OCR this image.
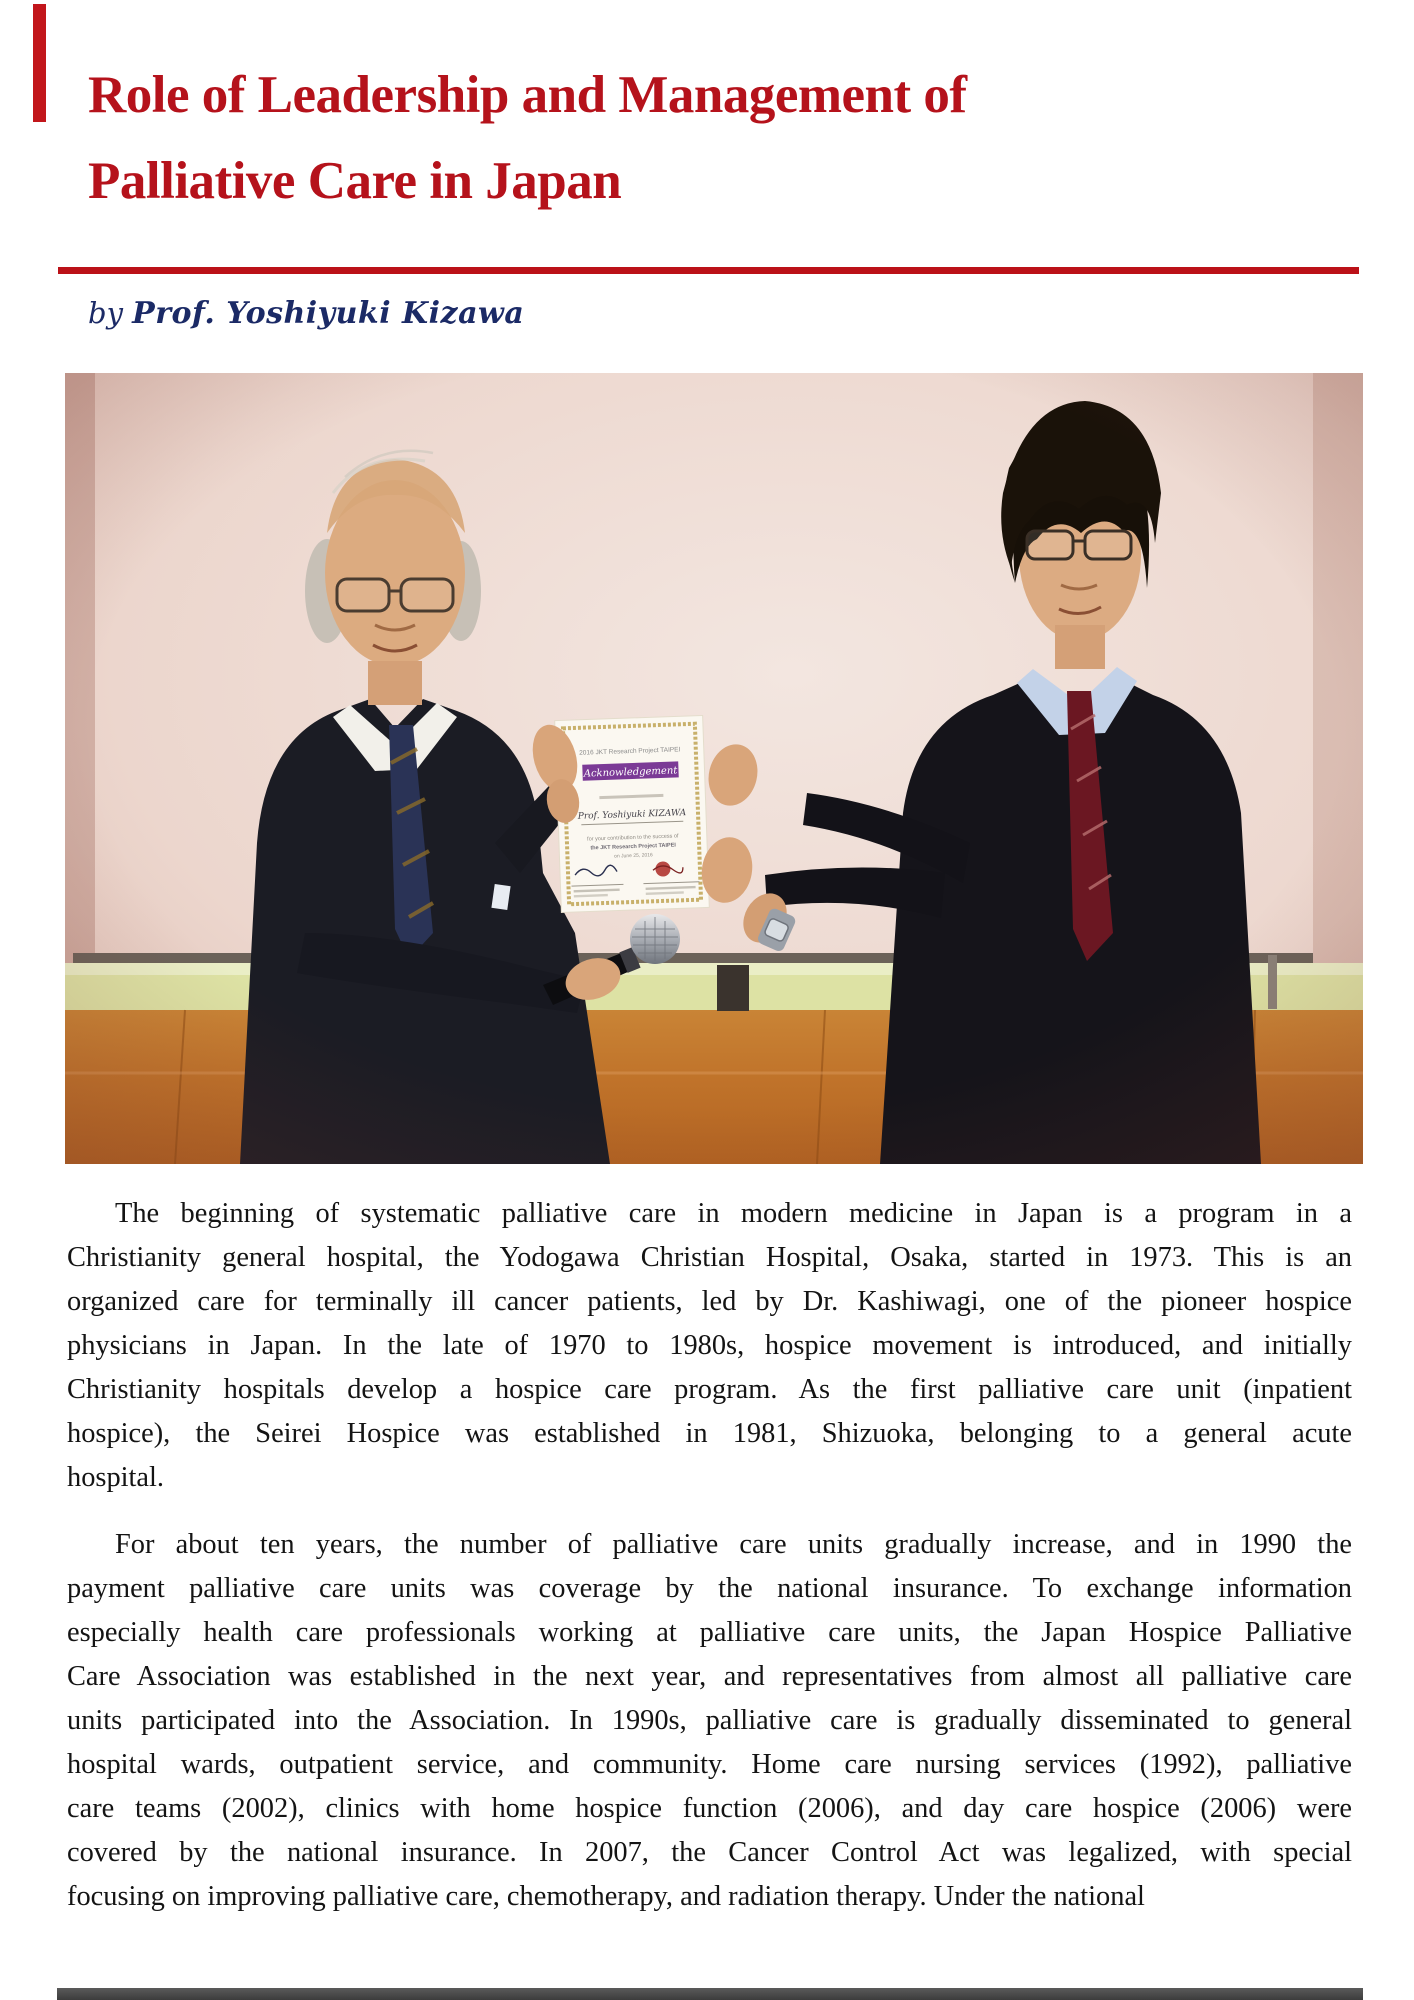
Role of Leadership and Management of
Palliative Care in Japan
by Prof. Yoshiyuki Kizawa
The beginning of systematic palliative care in modern medicine in Japan is a program in a
Christianity general hospital, the Yodogawa Christian Hospital, Osaka, started in 1973. This is an
organized care for terminally ill cancer patients, led by Dr. Kashiwagi, one of the pioneer hospice
physicians in Japan. In the late of 1970 to 1980s, hospice movement is introduced, and initially
Christianity hospitals develop a hospice care program. As the first palliative care unit (inpatient
hospice), the Seirei Hospice was established in 1981, Shizuoka, belonging to a general acute
hospital.
For about ten years, the number of palliative care units gradually increase, and in 1990 the
payment palliative care units was coverage by the national insurance. To exchange information
especially health care professionals working at palliative care units, the Japan Hospice Palliative
Care Association was established in the next year, and representatives from almost all palliative care
units participated into the Association. In 1990s, palliative care is gradually disseminated to general
hospital wards, outpatient service, and community. Home care nursing services (1992), palliative
care teams (2002), clinics with home hospice function (2006), and day care hospice (2006) were
covered by the national insurance. In 2007, the Cancer Control Act was legalized, with special
focusing on improving palliative care, chemotherapy, and radiation therapy. Under the national
